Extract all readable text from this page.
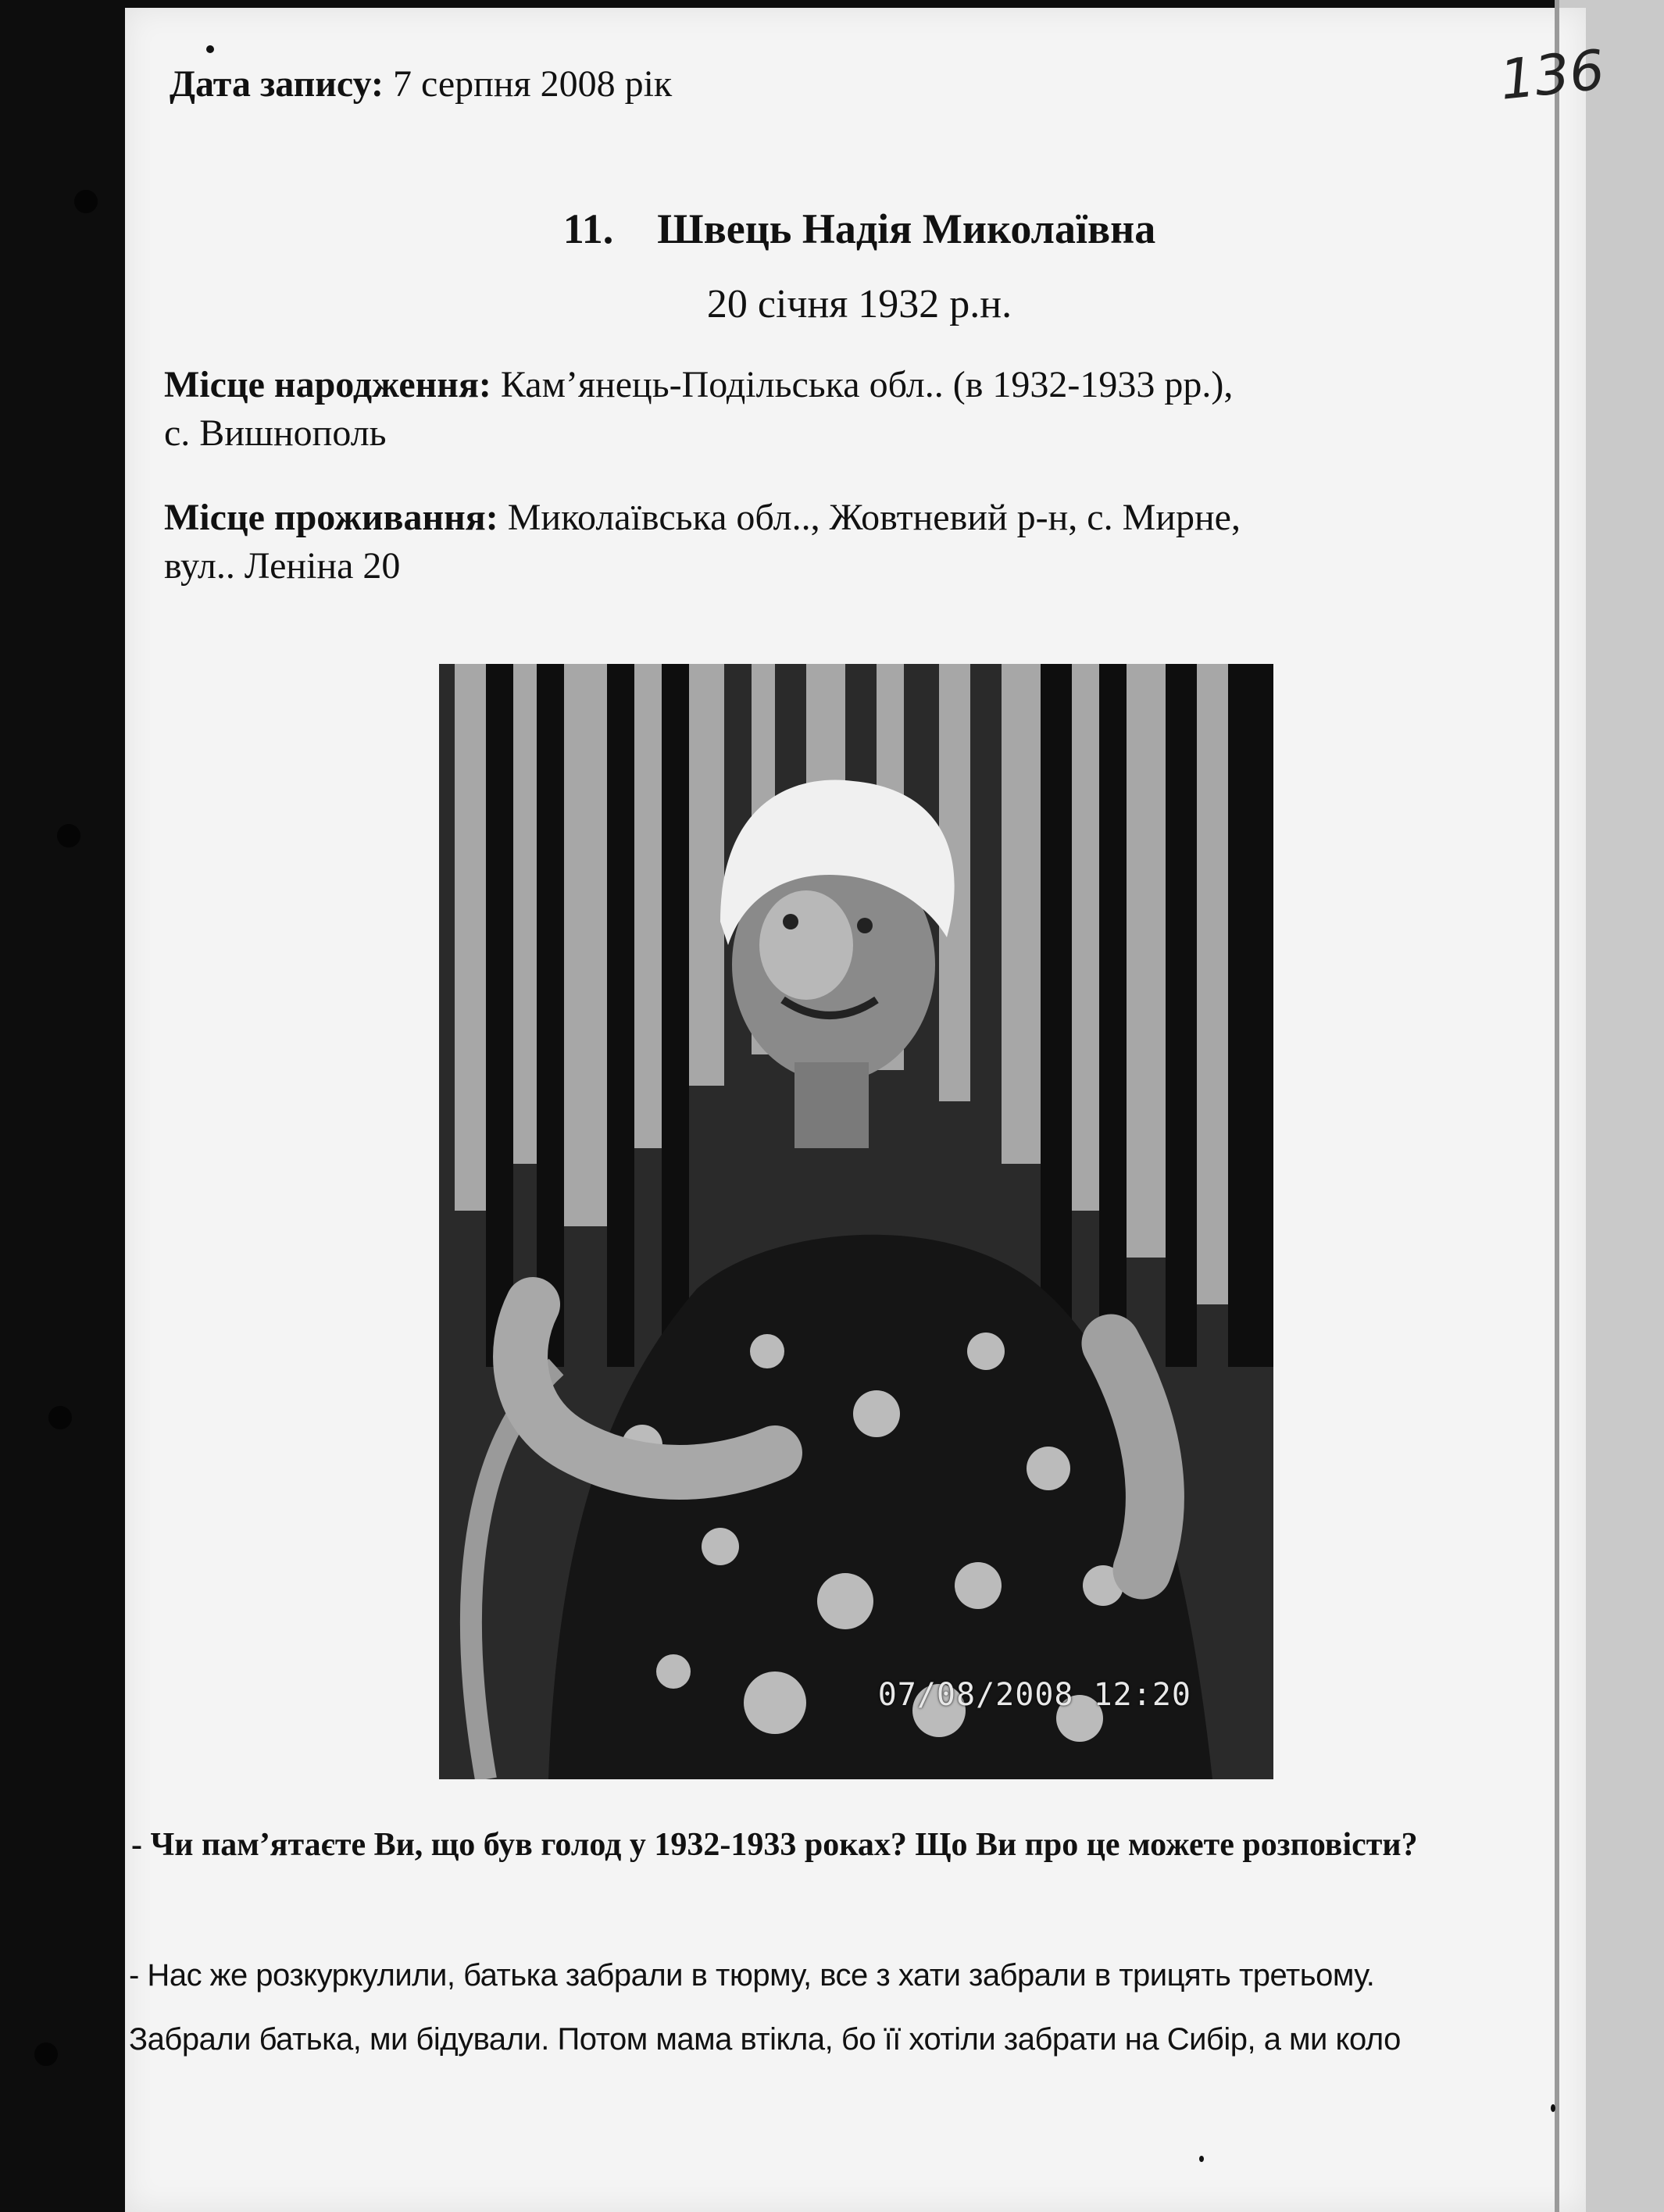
Дата запису: 7 серпня 2008 рік	136
11. Швець Надія Миколаївна
20 січня 1932 р.н.
Місце народження: Кам’янець-Подільська обл.. (в 1932-1933 рр.),
с. Вишнополь
Місце проживання: Миколаївська обл.., Жовтневий р-н, с. Мирне,
вул.. Леніна 20
07/08/2008 12:20
- Чи пам’ятаєте Ви, що був голод у 1932-1933 роках? Що Ви про це можете розповісти?
- Нас же розкуркулили, батька забрали в тюрму, все з хати забрали в трицять третьому.
Забрали батька, ми бідували. Потом мама втікла, бо її хотіли забрати на Сибір, а ми коло
